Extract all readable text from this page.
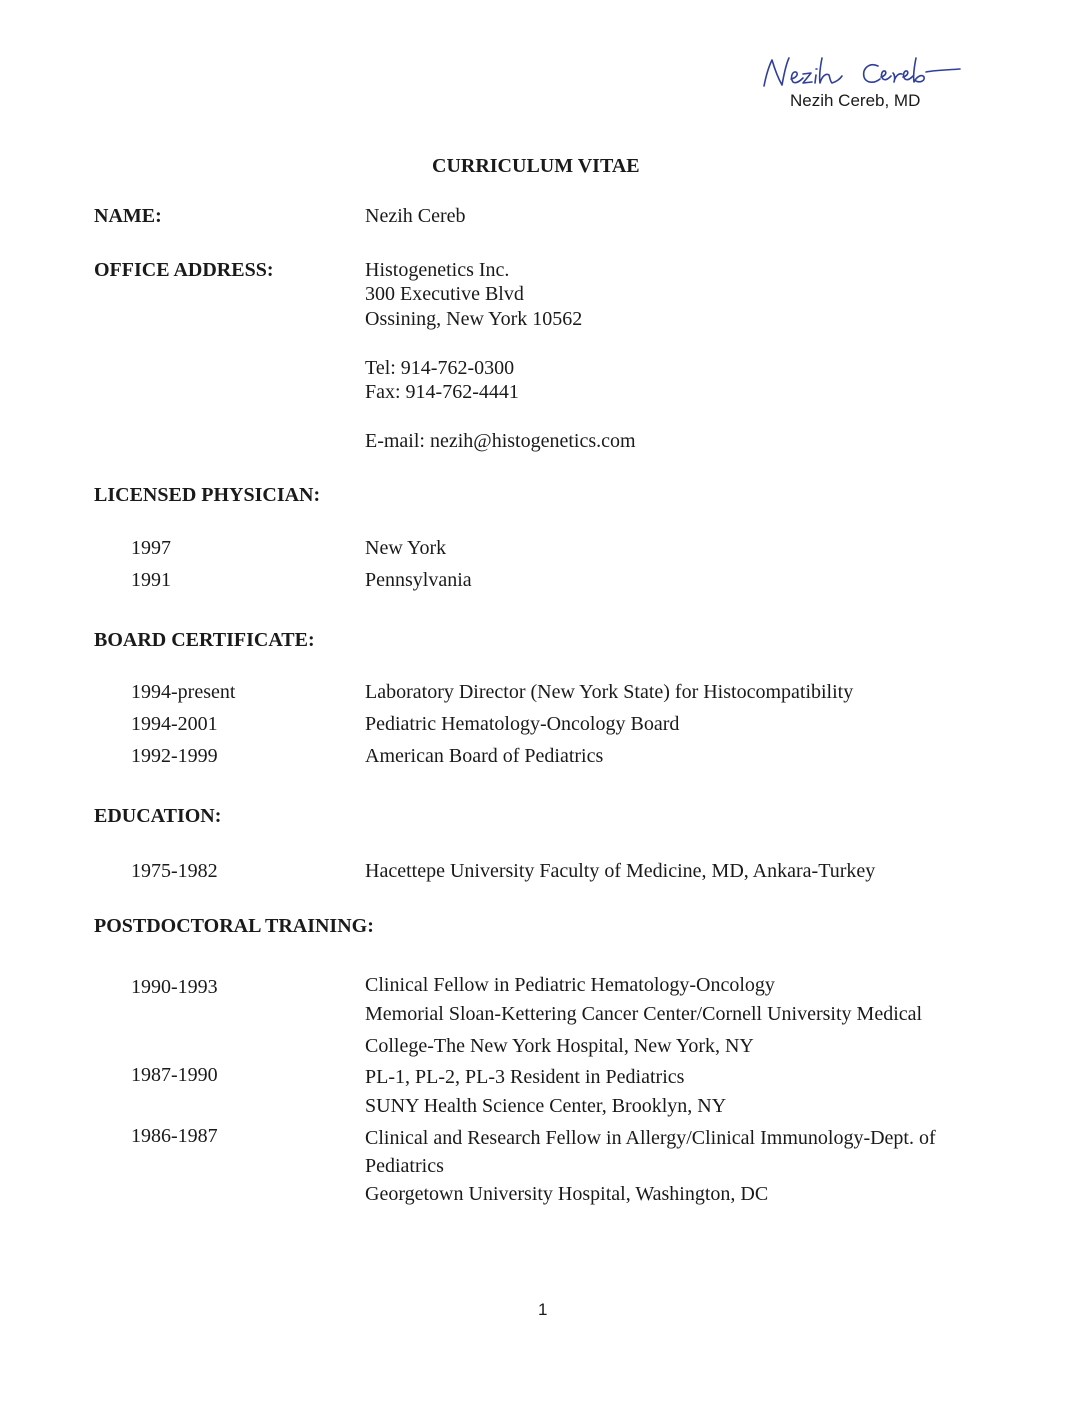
Nezih Cereb, MD
CURRICULUM VITAE
NAME:	Nezih Cereb
OFFICE ADDRESS:	Histogenetics Inc.
300 Executive Blvd
Ossining, New York 10562
Tel: 914-762-0300
Fax: 914-762-4441
E-mail: nezih@histogenetics.com
LICENSED PHYSICIAN:
1997	New York
1991	Pennsylvania
BOARD CERTIFICATE:
1994-present	Laboratory Director (New York State) for Histocompatibility
1994-2001	Pediatric Hematology-Oncology Board
1992-1999	American Board of Pediatrics
EDUCATION:
1975-1982	Hacettepe University Faculty of Medicine, MD, Ankara-Turkey
POSTDOCTORAL TRAINING:
1990-1993	Clinical Fellow in Pediatric Hematology-Oncology
Memorial Sloan-Kettering Cancer Center/Cornell University Medical
College-The New York Hospital, New York, NY
1987-1990	PL-1, PL-2, PL-3 Resident in Pediatrics
SUNY Health Science Center, Brooklyn, NY
1986-1987	Clinical and Research Fellow in Allergy/Clinical Immunology-Dept. of
Pediatrics
Georgetown University Hospital, Washington, DC
1
